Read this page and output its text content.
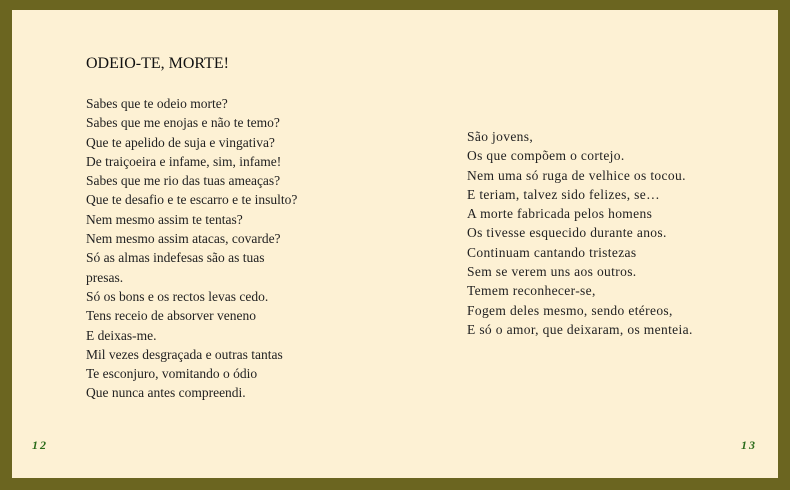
ODEIO-TE, MORTE!
Sabes que te odeio morte?
Sabes que me enojas e não te temo?
Que te apelido de suja e vingativa?
De traiçoeira e infame, sim, infame!
Sabes que me rio das tuas ameaças?
Que te desafio e te escarro e te insulto?
Nem mesmo assim te tentas?
Nem mesmo assim atacas, covarde?
Só as almas indefesas são as tuas
presas.
Só os bons e os rectos levas cedo.
Tens receio de absorver veneno
E deixas-me.
Mil vezes desgraçada e outras tantas
Te esconjuro, vomitando o ódio
Que nunca antes compreendi.
São jovens,
Os que compõem o cortejo.
Nem uma só ruga de velhice os tocou.
E teriam, talvez sido felizes, se…
A morte fabricada pelos homens
Os tivesse esquecido durante anos.
Continuam cantando tristezas
Sem se verem uns aos outros.
Temem reconhecer-se,
Fogem deles mesmo, sendo etéreos,
E só o amor, que deixaram, os menteia.
12	13
